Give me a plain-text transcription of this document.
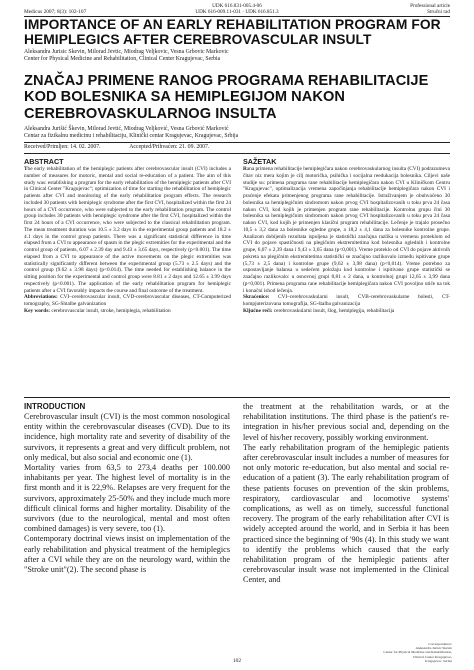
UDK 616.831-005.4-06
UDK 616-009.11-031 · UDK 616.851.3
Professional article
Stručni rad
Medicus 2007; 8(3): 102-107
IMPORTANCE OF AN EARLY REHABILITATION PROGRAM FOR
HEMIPLEGICS AFTER CEREBROVASCULAR INSULT
Aleksandra Jurisic Skevin, Milorad Jevtic, Miodrag Veljkovic, Vesna Grbovic Markovic
Center for Physical Medicine and Rehabilitation, Clinical Center Kragujevac, Serbia
ZNAČAJ PRIMENE RANOG PROGRAMA REHABILITACIJE
KOD BOLESNIKA SA HEMIPLEGIJOM NAKON
CEREBROVASKULARNOG INSULTA
Aleksandra Jurišić Škevin, Milorad Jevtić, Miodrag Veljković, Vesna Grbović Marković
Centar za fizikalnu medicinu i rehabilitaciju, Klinički centar Kragujevac, Kragujevac, Srbija
Received/Primljen: 14. 02. 2007.	Accepted/Prihvaćen: 21. 09. 2007.
ABSTRACT

The early rehabilitation of the hemiplegic patients after cerebrovascular insult (CVI) includes a number of measures for motoric, mental and social re-education of a patient. The aim of this study was: establishing a program for the early rehabilitation of the hemiplegic patients after CVI in Clinical Center "Kragujevac"; optimization of time for starting the rehabilitation of hemiplegic patients after CVI and monitoring of the early rehabilitation program effects. The research included 30 patients with hemiplegic syndrome after the first CVI, hospitalized within the first 24 hours of a CVI occurrence, who were subjected to the early rehabilitation program. The control group includes 30 patients with hemiplegic syndrome after the first CVI, hospitalized within the first 24 hours of a CVI occurrence, who were subjected to the classical rehabilitation program. The mean treatment duration was 10.5 ± 3.2 days in the experimental group patients and 18.2 ± 4.1 days in the control group patients. There was a significant statistical difference in time elapsed from a CVI to appearance of spasm in the plegic extremities for the experimental and the control group of patients, 6.07 ± 2.39 day and 9.43 ± 3.65 days, respectively (p<0.001). The time elapsed from a CVI to appearance of the active movements on the plegic extremities was statistically significantly different between the experimental group (5.73 ± 2.5 days) and the control group (9.62 ± 3.98 days) (p<0.014). The time needed for establishing balance in the sitting position for the experimental and control group were 8.81 ± 2 days and 12.65 ± 3.99 days respectively (p<0.001). The application of the early rehabilitation program for hemiplegic patients after a CVI favorably impacts the course and final outcome of the treatment.

Abbreviations: CVI–cerebrovascular insult, CVD-cerebrovascular diseases, CT-Computerized tomography, SG-Shtalbe galvanization

Key words: cerebrovascular insult, stroke, hemiplegia, rehabilitation

SAŽETAK

Rana primena rehabilitacije hemiplegičara nakon cerebrovaskularnog insulta (CVI) podrazumeva čitav niz mera kojim je cilj motorička, psihička i socijalna reedukacija bolesnika. Ciljevi naše studije su: primena programa rane rehabilitacije hemiplegičara nakon CVI u Kliničkom Centru "Kragujevac", optimalizacija vremena započinjanja rehabilitacije hemiplegičara nakon CVI i praćenje efekata primenjenog programa rane rehabilitacije. Istraživanjem je obuhvaćeno 30 bolesnika sa hemiplegičnim sindromom nakon prvog CVI hospitalizovanih u toku prva 24 časa nakon CVI, kod kojih je primenjen program rane rehabilitacije. Kontrolnu grupu čini 30 bolesnika sa hemiplegičnim sindromom nakon prvog CVI hospitalizovanih u toku prva 24 časa nakon CVI, kod kojih je primenjen klasični program rehabilitacije. Lečenje je trajalo prosečno 10,5 ± 3,2 dana za bolesnike ogledne grupe, a 18,2 ± 4,1 dana za bolesnike kontrolne grupe. Analizom dobijenih rezultata ispoljena je statistički značajna razlika u vremenu proteklom od CVI do pojave spastičnosti na plegičnim ekstremitetima kod bolesnika oglednih i kontrolne grupe, 6,07 ± 2,39 dana i 9,43 ± 3,65 dana (p<0,001). Vreme proteklo od CVI do pojave aktivnih pokreta na plegičnim ekstremitetima statistički se značajno razlikovalo između ispitivane grupe (5,73 ± 2,5 dana) i kontrolne grupe (9,62 ± 3,98 dana) (p<0,014). Vreme potrebno za uspostavljanje balansa u sedećem položaju kod kontrolne i ispitivane grupe statistički se značajno razlikovalo: u osnovnoj grupi 8,81 ± 2 dana, u kontrolnoj grupi 12,65 ± 3,99 dana (p<0,001). Primena programa rane rehabilitacije hemiplegičara nakon CVI povoljno utiče na tok i konačni ishod lečenja.

Skraćenice: CVI–cerebrovaskularni insult, CVB-cerebrovaskularne bolesti, CT-kompjuterizovana tomografija, SG-štalba galvanizacija

Ključne reči: cerebrovaskularni insult, šlog, hemiplegija, rehabilitacija

INTRODUCTION

Cerebrovascular insult (CVI) is the most common nosological entity within the cerebrovascular diseases (CVD). Due to its incidence, high mortality rate and severity of disability of the survivors, it represents a great and very difficult problem, not only medical, but also social and economic one (1).

Mortality varies from 63,5 to 273,4 deaths per 100.000 inhabitants per year. The highest level of mortality is in the first month and it is 22,9%. Relapses are very frequent for the survivors, approximately 25-50% and they include much more difficult clinical forms and higher mortality. Disability of the survivors (due to the neurological, mental and most often combined damages) is very severe, too (1).

Contemporary doctrinal views insist on implementation of the early rehabilitation and physical treatment of the hemiplegics after a CVI while they are on the neurology ward, within the "Stroke unit"(2). The second phase is

the treatment at the rehabilitation wards, or at the rehabilitation institutions. The third phase is the patient's re-integration in his/her previous social and, depending on the level of his/her recovery, possibly working environment.

The early rehabilitation program of the hemiplegic patients after cerebrovascular insult includes a number of measures for not only motoric re-education, but also mental and social re-education of a patient (3). The early rehabilitation program of these patients focuses on prevention of the skin problems, respiratory, cardiovascular and locomotive systems' complications, as well as on timely, successful functional recovery. The program of the early rehabilitation after CVI is widely accepted around the world, and in Serbia it has been practiced since the beginning of '90s (4). In this study we want to identify the problems which caused that the early rehabilitation program of the hemiplegic patients after cerebrovascular insult wase not implemented in the Clinical Center, and

Correspondence:
Aleksandra Jurisic Skevin
Center for Physical Medicine and Rehabilitation,
Clinical Center Kragujevac,
Kragujevac, Serbia
102
